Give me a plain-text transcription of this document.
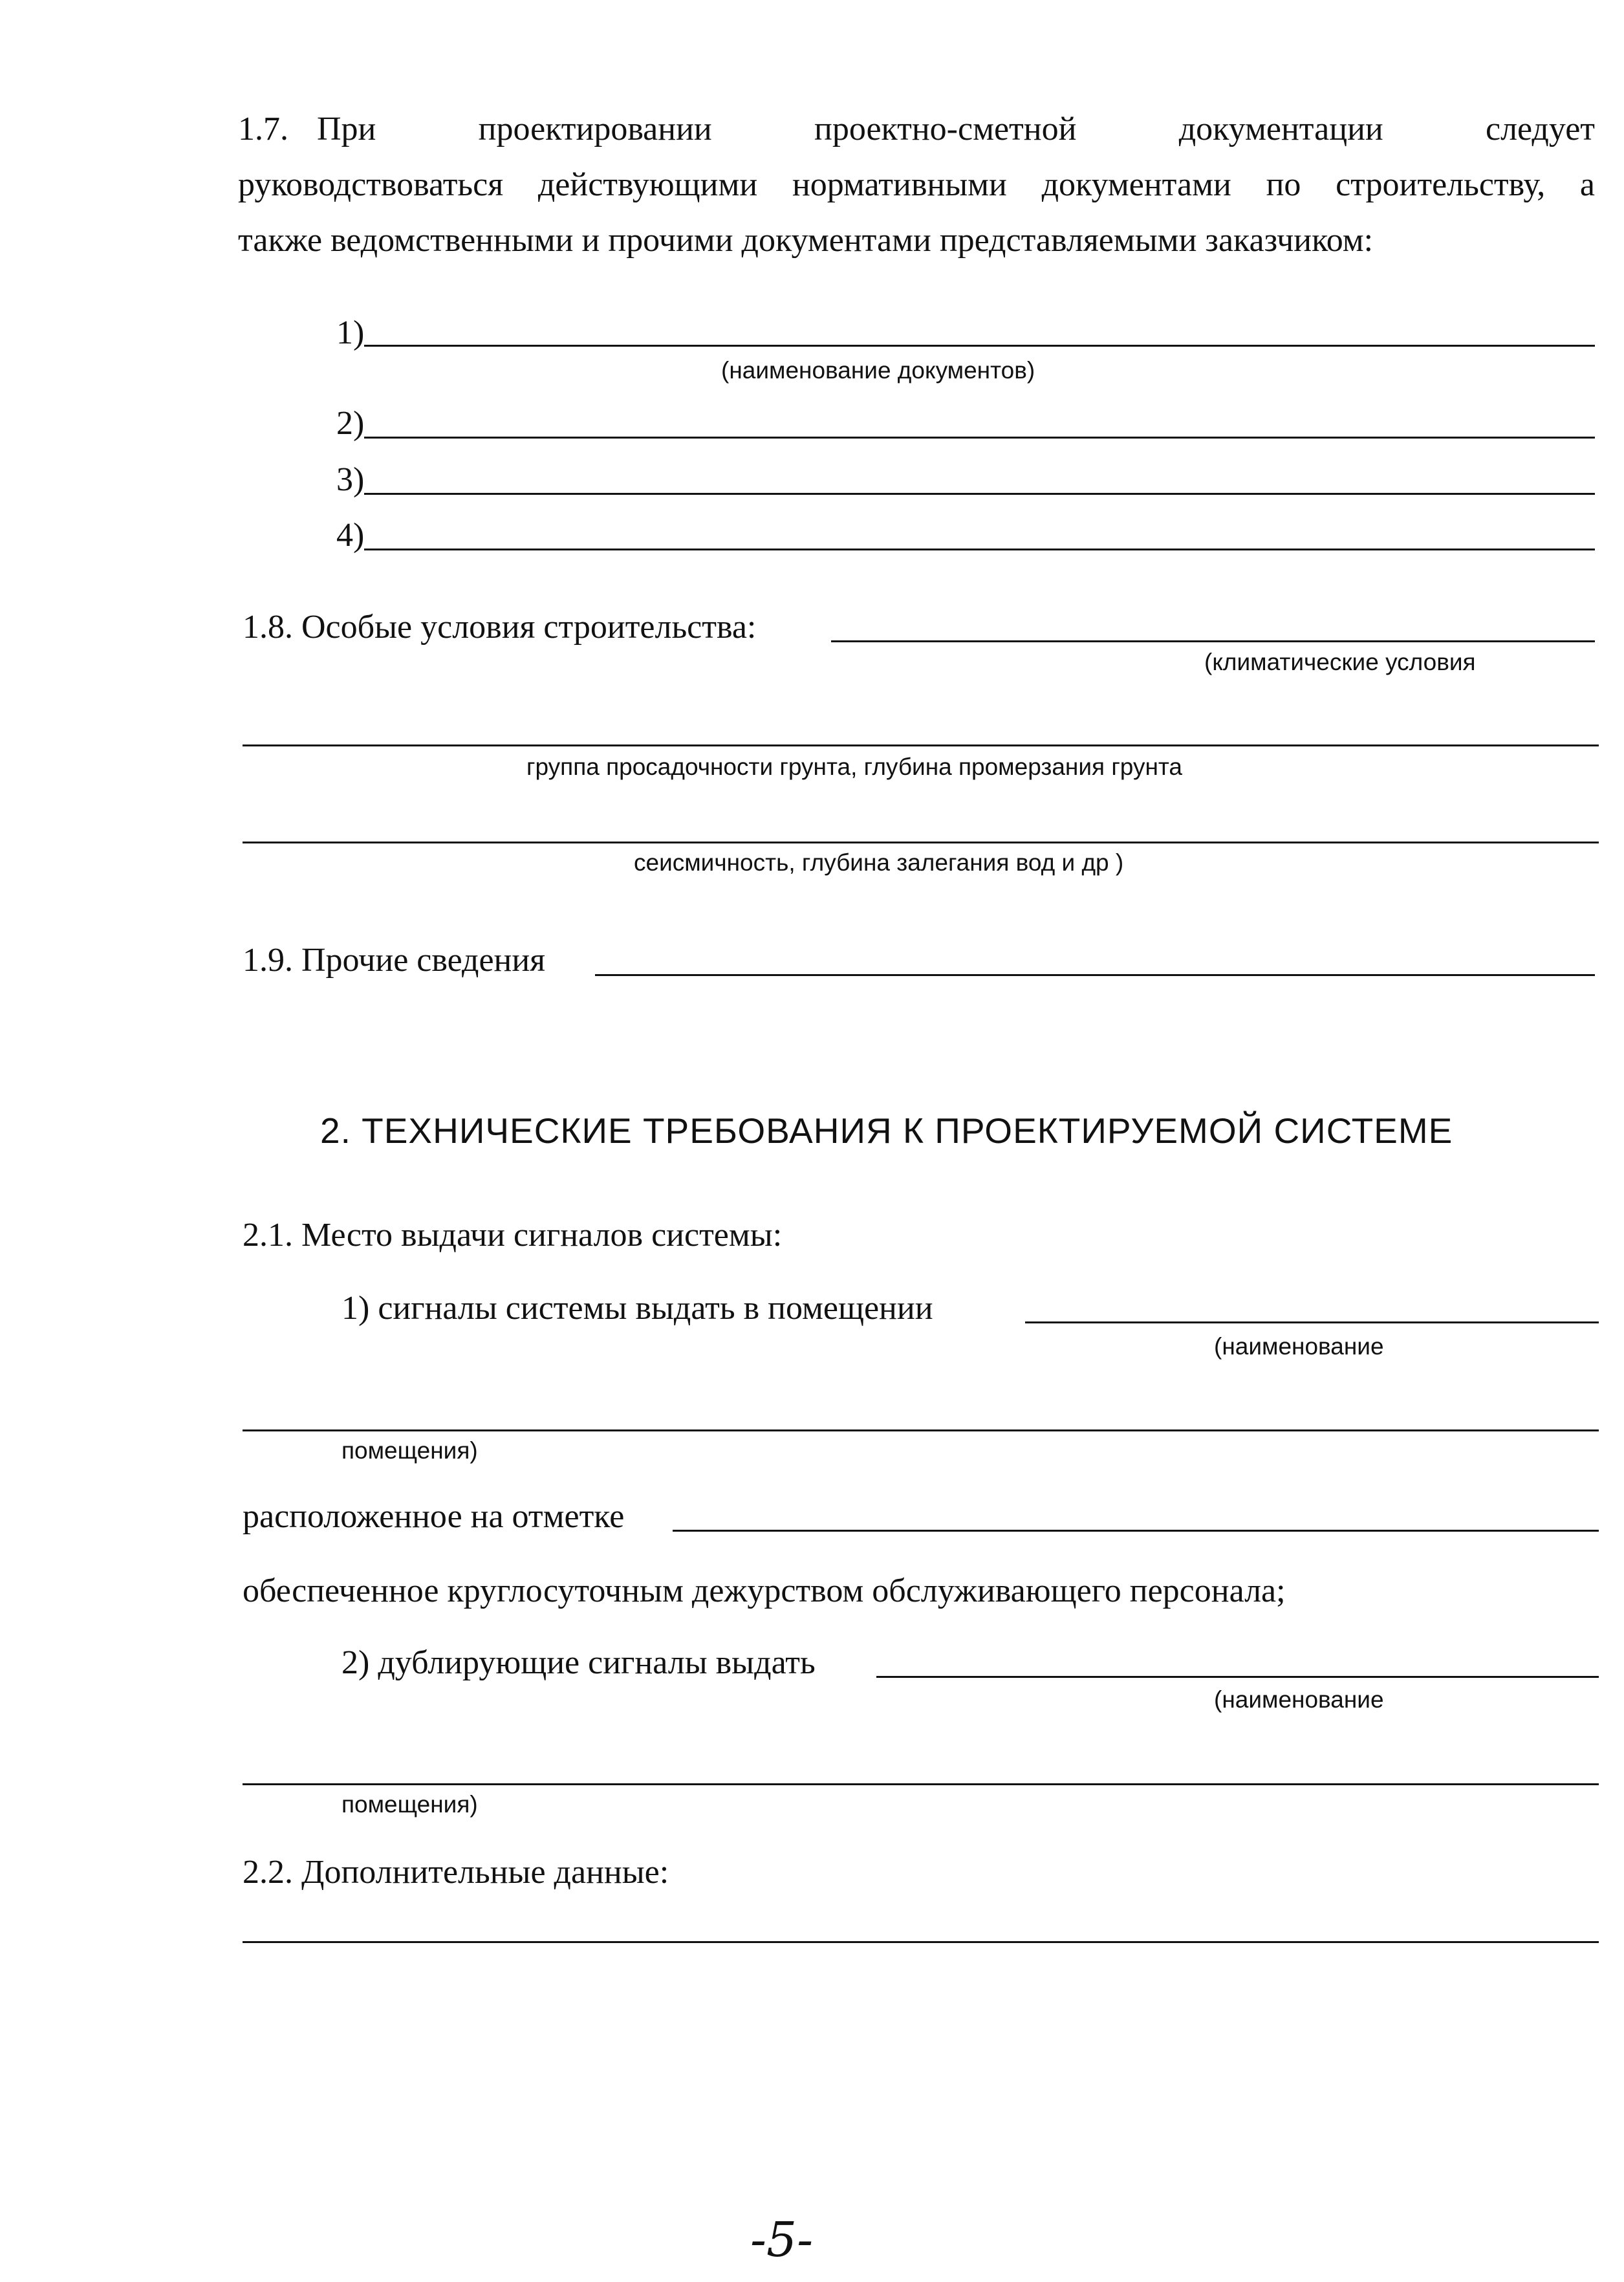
1.7. При проектировании проектно-сметной документации следует
руководствоваться действующими нормативными документами по строительству, а
также ведомственными и прочими документами представляемыми заказчиком:
1)
(наименование документов)
2)
3)
4)
1.8. Особые условия строительства:
(климатические условия
группа просадочности грунта, глубина промерзания грунта
сеисмичность, глубина залегания вод и др )
1.9. Прочие сведения
2. ТЕХНИЧЕСКИЕ ТРЕБОВАНИЯ К ПРОЕКТИРУЕМОЙ СИСТЕМЕ
2.1. Место выдачи сигналов системы:
1) сигналы системы выдать в помещении
(наименование
помещения)
расположенное на отметке
обеспеченное круглосуточным дежурством обслуживающего персонала;
2) дублирующие сигналы выдать
(наименование
помещения)
2.2. Дополнительные данные:
-5-
